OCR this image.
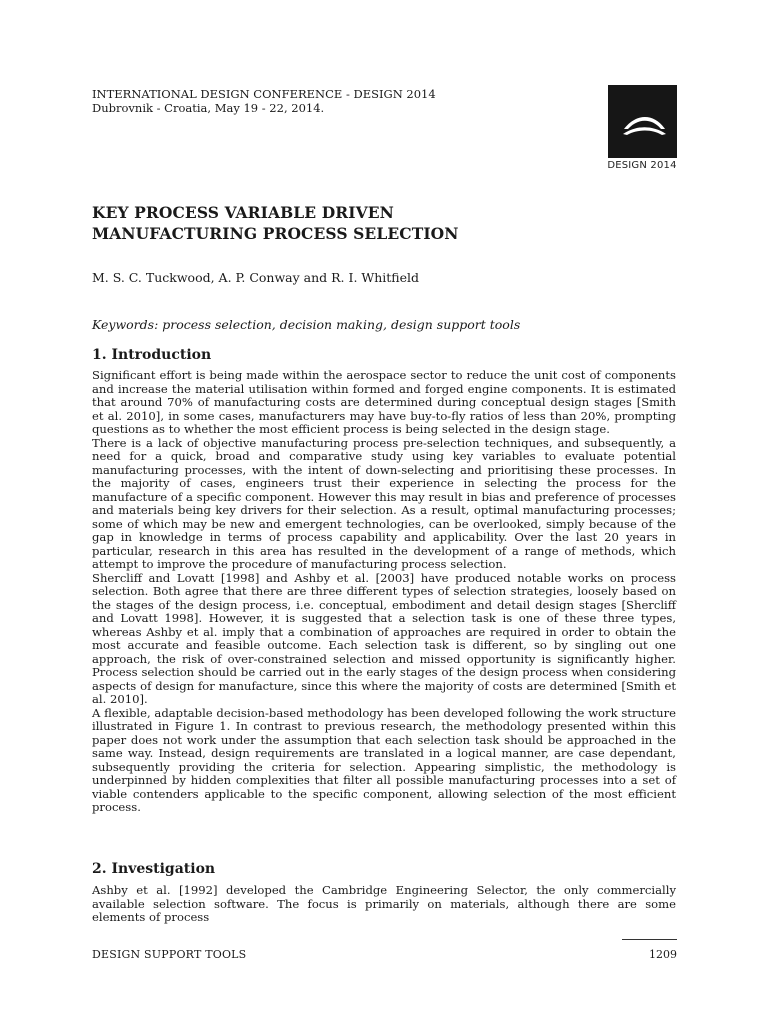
INTERNATIONAL DESIGN CONFERENCE - DESIGN 2014
Dubrovnik - Croatia, May 19 - 22, 2014.
DESIGN 2014
KEY PROCESS VARIABLE DRIVEN
MANUFACTURING PROCESS SELECTION
M. S. C. Tuckwood, A. P. Conway and R. I. Whitfield
Keywords: process selection, decision making, design support tools
1. Introduction

Significant effort is being made within the aerospace sector to reduce the unit cost of components and increase the material utilisation within formed and forged engine components. It is estimated that around 70% of manufacturing costs are determined during conceptual design stages [Smith et al. 2010], in some cases, manufacturers may have buy-to-fly ratios of less than 20%, prompting questions as to whether the most efficient process is being selected in the design stage.

There is a lack of objective manufacturing process pre-selection techniques, and subsequently, a need for a quick, broad and comparative study using key variables to evaluate potential manufacturing processes, with the intent of down-selecting and prioritising these processes. In the majority of cases, engineers trust their experience in selecting the process for the manufacture of a specific component. However this may result in bias and preference of processes and materials being key drivers for their selection. As a result, optimal manufacturing processes; some of which may be new and emergent technologies, can be overlooked, simply because of the gap in knowledge in terms of process capability and applicability. Over the last 20 years in particular, research in this area has resulted in the development of a range of methods, which attempt to improve the procedure of manufacturing process selection.

Shercliff and Lovatt [1998] and Ashby et al. [2003] have produced notable works on process selection. Both agree that there are three different types of selection strategies, loosely based on the stages of the design process, i.e. conceptual, embodiment and detail design stages [Shercliff and Lovatt 1998]. However, it is suggested that a selection task is one of these three types, whereas Ashby et al. imply that a combination of approaches are required in order to obtain the most accurate and feasible outcome. Each selection task is different, so by singling out one approach, the risk of over-constrained selection and missed opportunity is significantly higher. Process selection should be carried out in the early stages of the design process when considering aspects of design for manufacture, since this where the majority of costs are determined [Smith et al. 2010].

A flexible, adaptable decision-based methodology has been developed following the work structure illustrated in Figure 1. In contrast to previous research, the methodology presented within this paper does not work under the assumption that each selection task should be approached in the same way. Instead, design requirements are translated in a logical manner, are case dependant, subsequently providing the criteria for selection. Appearing simplistic, the methodology is underpinned by hidden complexities that filter all possible manufacturing processes into a set of viable contenders applicable to the specific component, allowing selection of the most efficient process.

2. Investigation

Ashby et al. [1992] developed the Cambridge Engineering Selector, the only commercially available selection software. The focus is primarily on materials, although there are some elements of process

DESIGN SUPPORT TOOLS	1209
